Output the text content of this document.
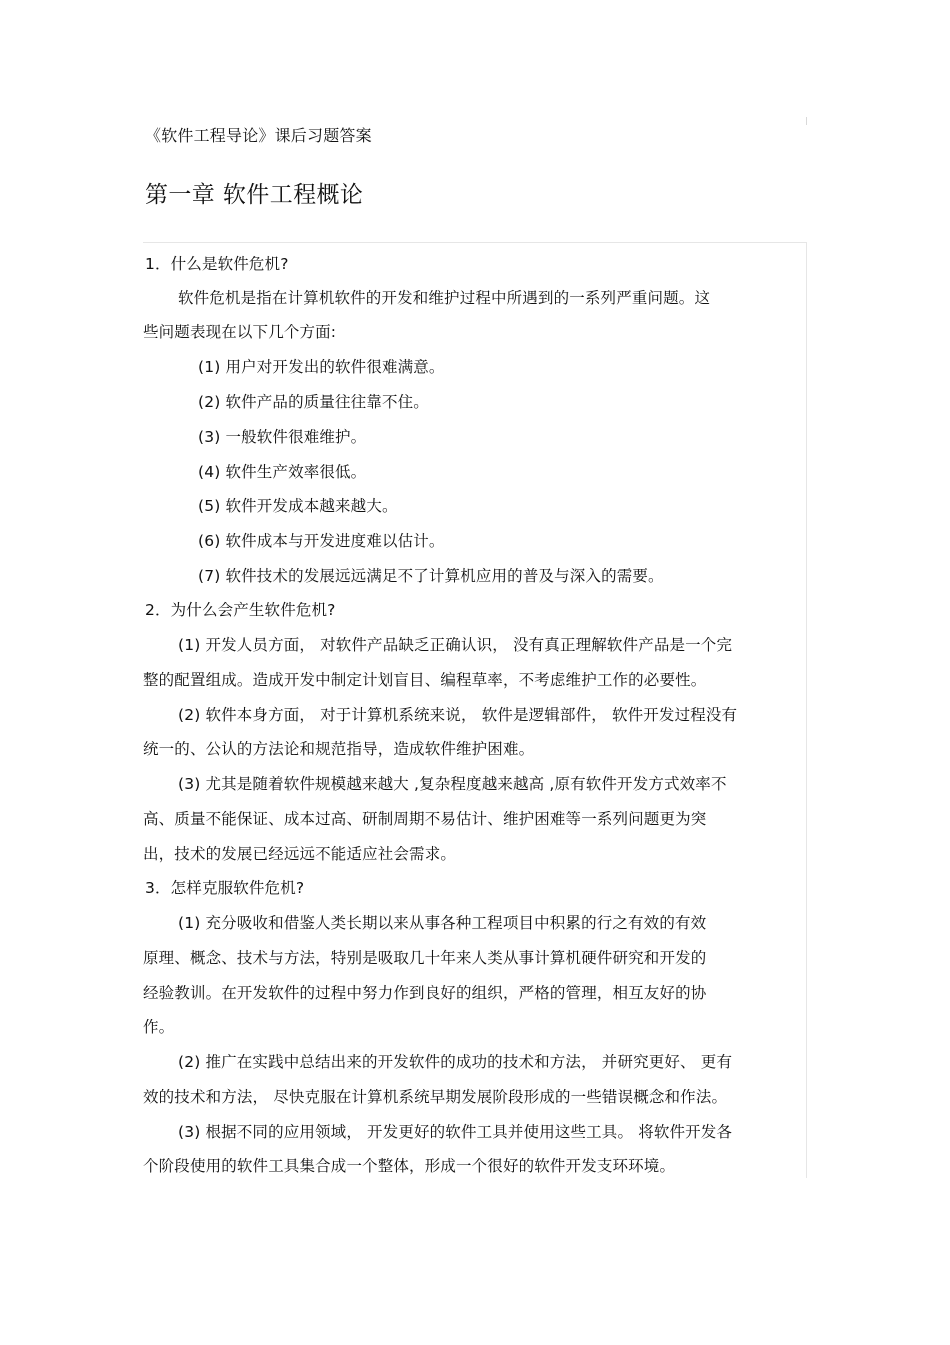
《软件工程导论》课后习题答案
第一章 软件工程概论
1．什么是软件危机?
软件危机是指在计算机软件的开发和维护过程中所遇到的一系列严重问题。这
些问题表现在以下几个方面:
(1) 用户对开发出的软件很难满意。
(2) 软件产品的质量往往靠不住。
(3) 一般软件很难维护。
(4) 软件生产效率很低。
(5) 软件开发成本越来越大。
(6) 软件成本与开发进度难以估计。
(7) 软件技术的发展远远满足不了计算机应用的普及与深入的需要。
2．为什么会产生软件危机?
(1) 开发人员方面， 对软件产品缺乏正确认识， 没有真正理解软件产品是一个完
整的配置组成。造成开发中制定计划盲目、编程草率，不考虑维护工作的必要性。
(2) 软件本身方面， 对于计算机系统来说， 软件是逻辑部件， 软件开发过程没有
统一的、公认的方法论和规范指导，造成软件维护困难。
(3) 尤其是随着软件规模越来越大 ,复杂程度越来越高 ,原有软件开发方式效率不
高、质量不能保证、成本过高、研制周期不易估计、维护困难等一系列问题更为突
出，技术的发展已经远远不能适应社会需求。
3．怎样克服软件危机?
(1) 充分吸收和借鉴人类长期以来从事各种工程项目中积累的行之有效的有效
原理、概念、技术与方法，特别是吸取几十年来人类从事计算机硬件研究和开发的
经验教训。在开发软件的过程中努力作到良好的组织，严格的管理，相互友好的协
作。
(2) 推广在实践中总结出来的开发软件的成功的技术和方法， 并研究更好、 更有
效的技术和方法， 尽快克服在计算机系统早期发展阶段形成的一些错误概念和作法。
(3) 根据不同的应用领域， 开发更好的软件工具并使用这些工具。 将软件开发各
个阶段使用的软件工具集合成一个整体，形成一个很好的软件开发支环环境。
